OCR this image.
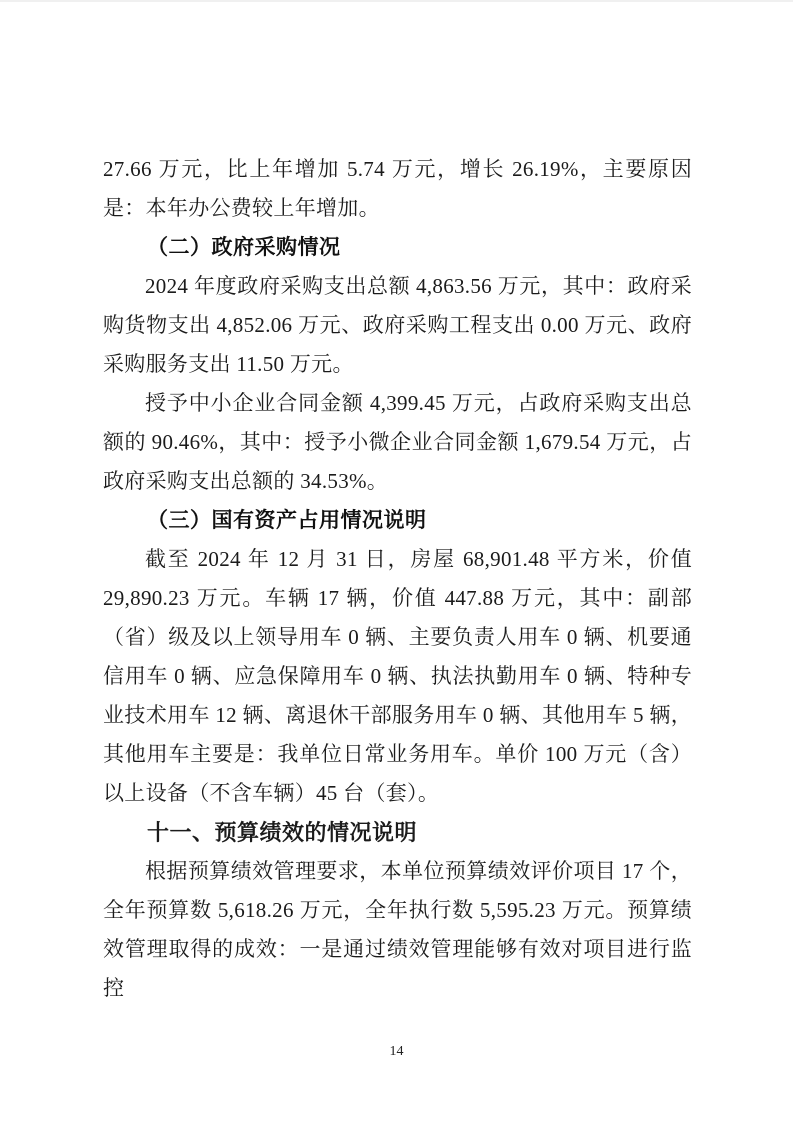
27.66 万元，比上年增加 5.74 万元，增长 26.19%，主要原因是：本年办公费较上年增加。

（二）政府采购情况

2024 年度政府采购支出总额 4,863.56 万元，其中：政府采购货物支出 4,852.06 万元、政府采购工程支出 0.00 万元、政府采购服务支出 11.50 万元。

授予中小企业合同金额 4,399.45 万元，占政府采购支出总额的 90.46%，其中：授予小微企业合同金额 1,679.54 万元，占政府采购支出总额的 34.53%。

（三）国有资产占用情况说明

截至 2024 年 12 月 31 日，房屋 68,901.48 平方米，价值 29,890.23 万元。车辆 17 辆，价值 447.88 万元，其中：副部（省）级及以上领导用车 0 辆、主要负责人用车 0 辆、机要通信用车 0 辆、应急保障用车 0 辆、执法执勤用车 0 辆、特种专业技术用车 12 辆、离退休干部服务用车 0 辆、其他用车 5 辆，其他用车主要是：我单位日常业务用车。单价 100 万元（含）以上设备（不含车辆）45 台（套）。

十一、预算绩效的情况说明

根据预算绩效管理要求，本单位预算绩效评价项目 17 个，全年预算数 5,618.26 万元，全年执行数 5,595.23 万元。预算绩效管理取得的成效：一是通过绩效管理能够有效对项目进行监控

14
